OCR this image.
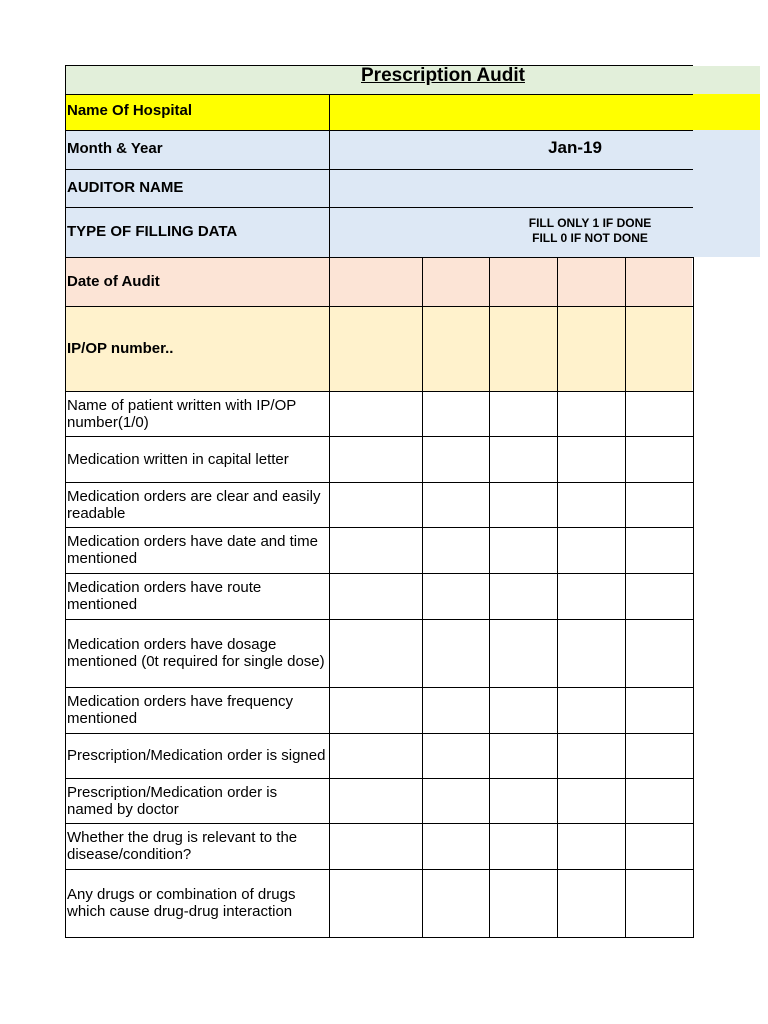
Prescription Audit
Name Of Hospital
Month & Year	Jan-19
AUDITOR NAME
TYPE OF FILLING DATA	FILL ONLY 1 IF DONE
FILL 0 IF NOT DONE
Date of Audit
IP/OP number..
Name of patient written with IP/OP number(1/0)
Medication written in capital letter
Medication orders are clear and easily readable
Medication orders have date and time mentioned
Medication orders have route mentioned
Medication orders have dosage mentioned (0t required for single dose)
Medication orders have frequency mentioned
Prescription/Medication order is signed
Prescription/Medication order is named by doctor
Whether the drug is relevant to the disease/condition?
Any drugs or combination of drugs which cause drug-drug interaction
